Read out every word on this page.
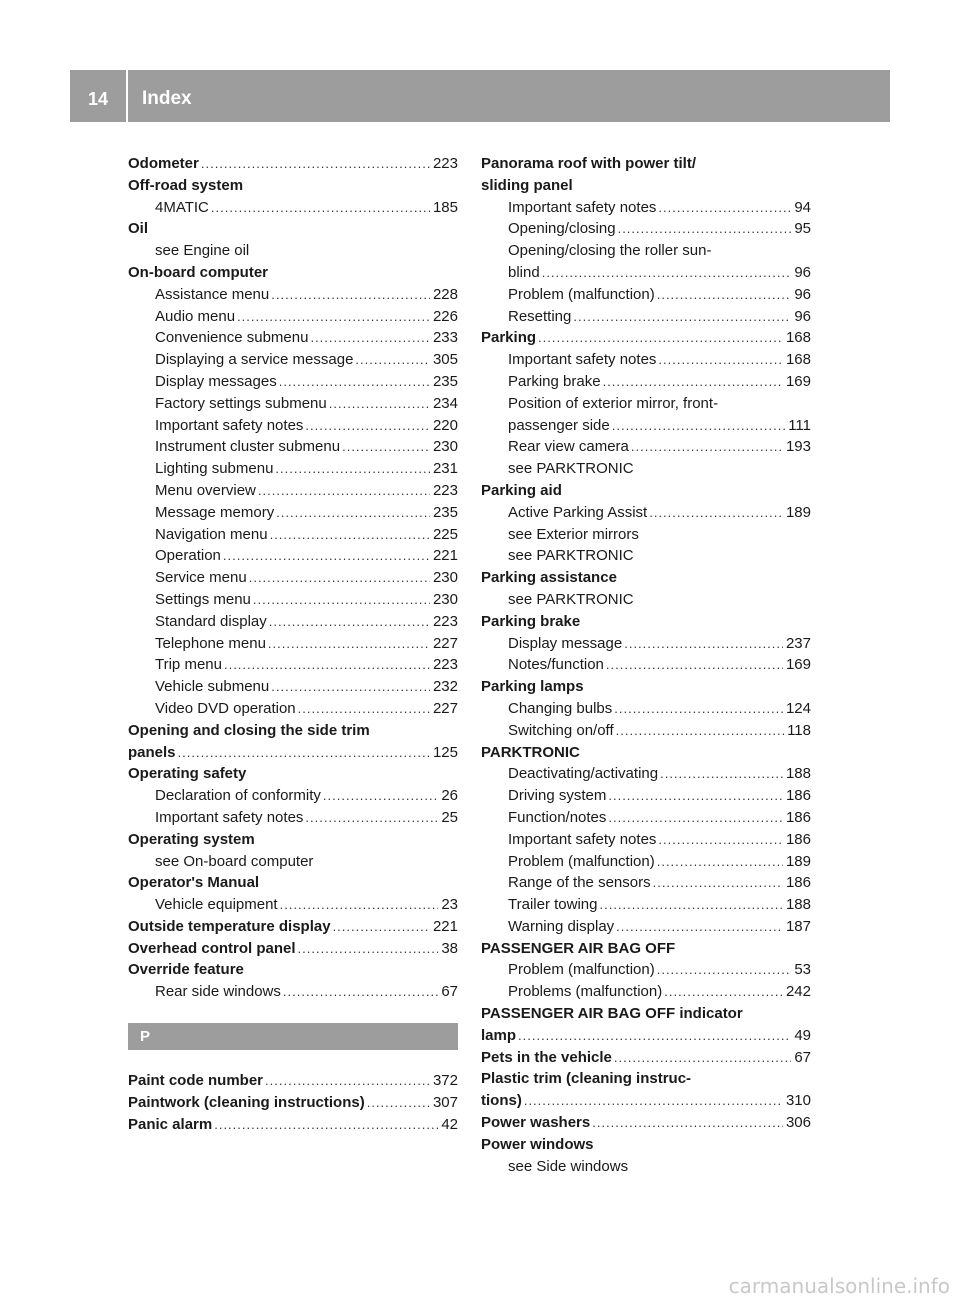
14	Index
Odometer .....	223
Off-road system
4MATIC .....	185
Oil
see Engine oil
On-board computer
Assistance menu .....	228
Audio menu .....	226
Convenience submenu .....	233
Displaying a service message .....	305
Display messages .....	235
Factory settings submenu .....	234
Important safety notes .....	220
Instrument cluster submenu .....	230
Lighting submenu .....	231
Menu overview .....	223
Message memory .....	235
Navigation menu .....	225
Operation .....	221
Service menu .....	230
Settings menu .....	230
Standard display .....	223
Telephone menu .....	227
Trip menu .....	223
Vehicle submenu .....	232
Video DVD operation .....	227
Opening and closing the side trim
panels .....	125
Operating safety
Declaration of conformity .....	26
Important safety notes .....	25
Operating system
see On-board computer
Operator's Manual
Vehicle equipment .....	23
Outside temperature display .....	221
Overhead control panel .....	38
Override feature
Rear side windows .....	67
P
Paint code number .....	372
Paintwork (cleaning instructions) .....	307
Panic alarm .....	42
Panorama roof with power tilt/
sliding panel
Important safety notes .....	94
Opening/closing .....	95
Opening/closing the roller sun-
blind .....	96
Problem (malfunction) .....	96
Resetting .....	96
Parking .....	168
Important safety notes .....	168
Parking brake .....	169
Position of exterior mirror, front-
passenger side .....	111
Rear view camera .....	193
see PARKTRONIC
Parking aid
Active Parking Assist .....	189
see Exterior mirrors
see PARKTRONIC
Parking assistance
see PARKTRONIC
Parking brake
Display message .....	237
Notes/function .....	169
Parking lamps
Changing bulbs .....	124
Switching on/off .....	118
PARKTRONIC
Deactivating/activating .....	188
Driving system .....	186
Function/notes .....	186
Important safety notes .....	186
Problem (malfunction) .....	189
Range of the sensors .....	186
Trailer towing .....	188
Warning display .....	187
PASSENGER AIR BAG OFF
Problem (malfunction) .....	53
Problems (malfunction) .....	242
PASSENGER AIR BAG OFF indicator
lamp .....	49
Pets in the vehicle .....	67
Plastic trim (cleaning instruc-
tions) .....	310
Power washers .....	306
Power windows
see Side windows
carmanualsonline.info
